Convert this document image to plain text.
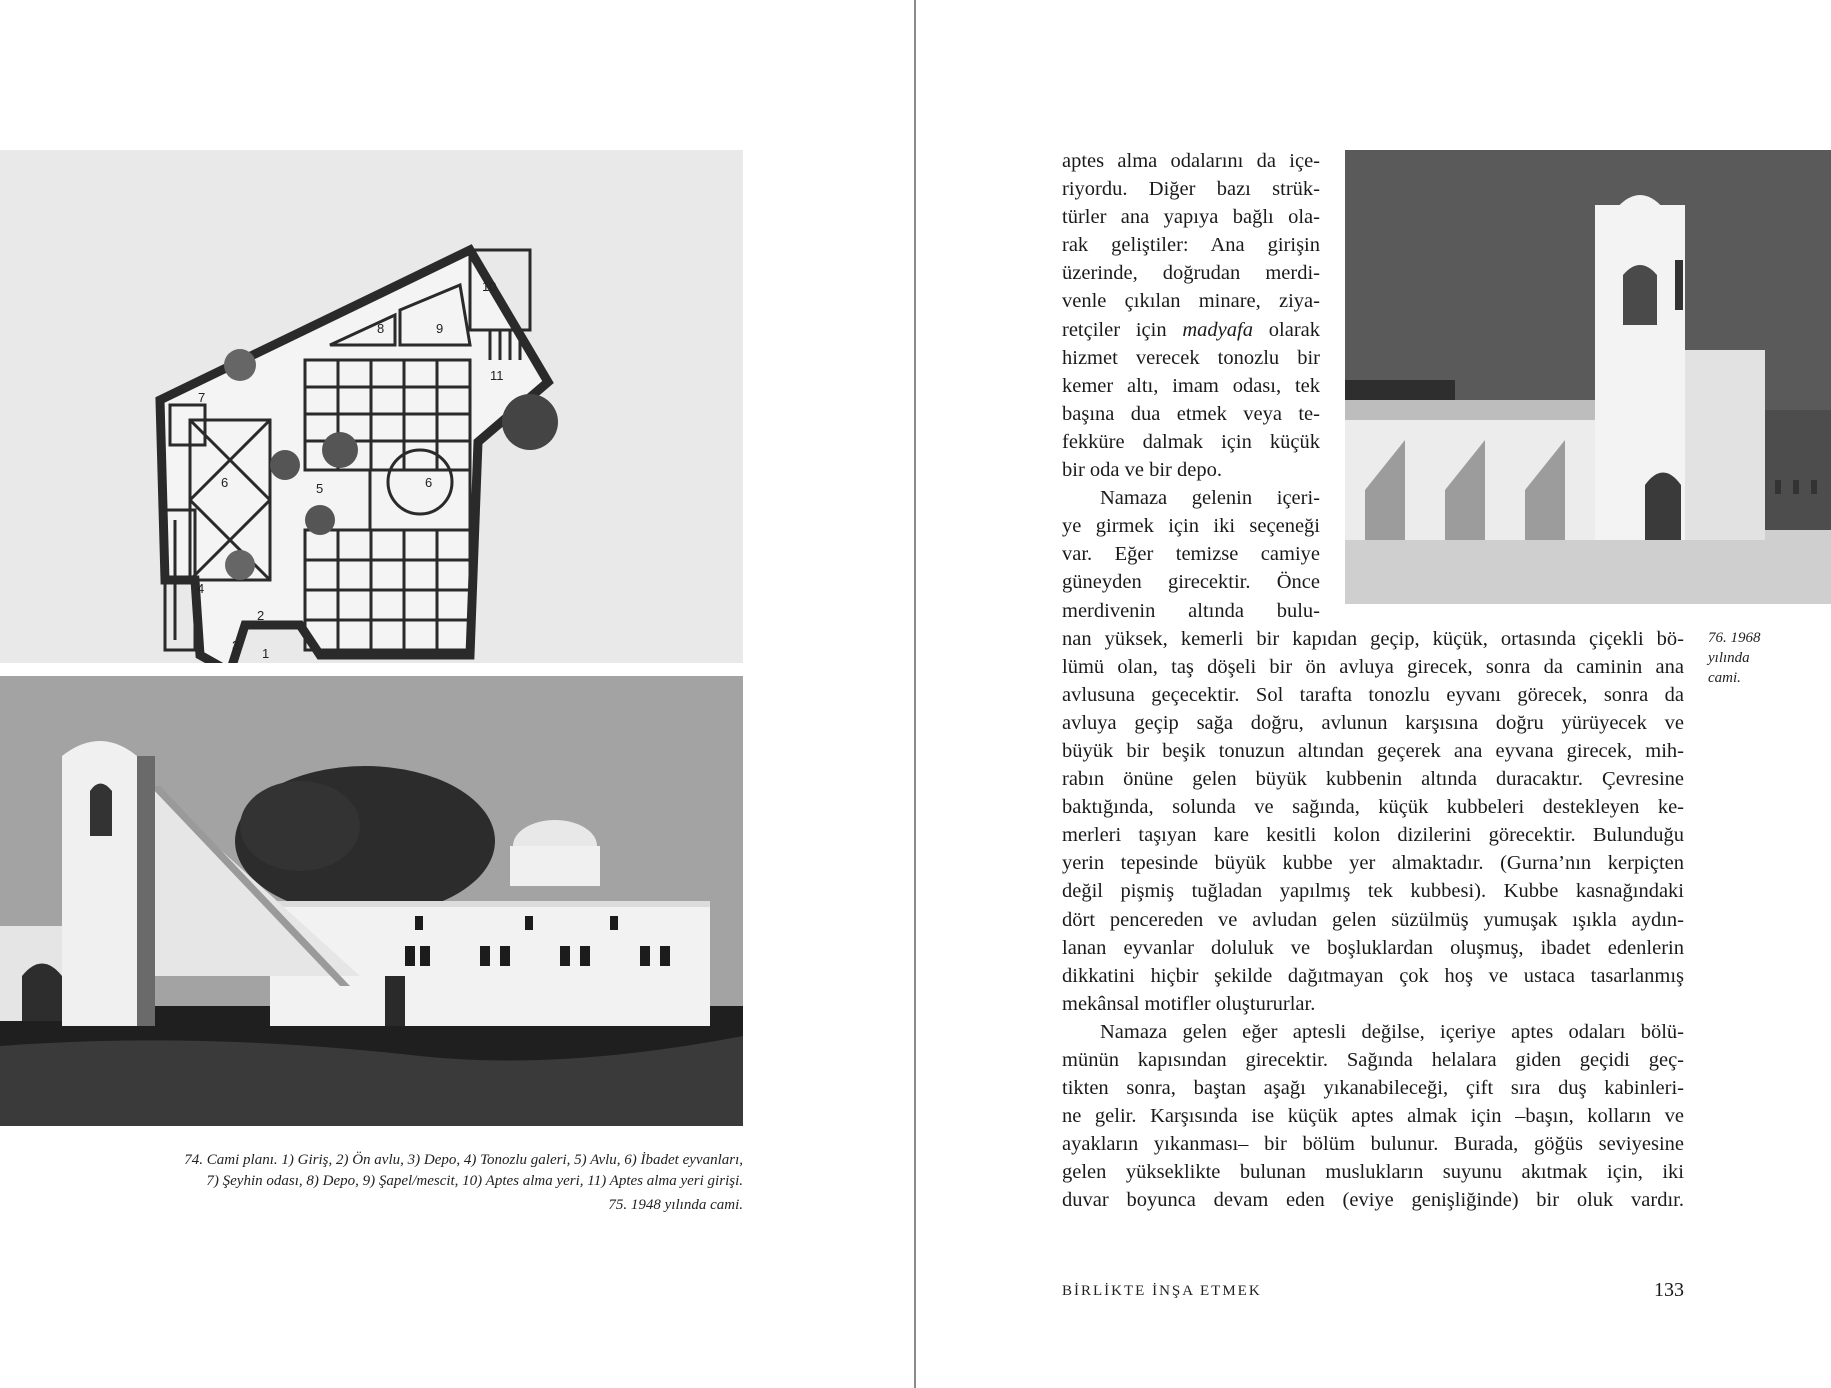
1
2
3
4
5
6	6
7
8	9
10
11

74. Cami planı. 1) Giriş, 2) Ön avlu, 3) Depo, 4) Tonozlu galeri, 5) Avlu, 6) İbadet eyvanları,

7) Şeyhin odası, 8) Depo, 9) Şapel/mescit, 10) Aptes alma yeri, 11) Aptes alma yeri girişi.

75. 1948 yılında cami.

76. 1968
yılında
cami.
aptes alma odalarını da içe-
riyordu. Diğer bazı strük-
türler ana yapıya bağlı ola-
rak geliştiler: Ana girişin
üzerinde, doğrudan merdi-
venle çıkılan minare, ziya-
retçiler için madyafa olarak
hizmet verecek tonozlu bir
kemer altı, imam odası, tek
başına dua etmek veya te-
fekküre dalmak için küçük
bir oda ve bir depo.
Namaza gelenin içeri-
ye girmek için iki seçeneği
var. Eğer temizse camiye
güneyden girecektir. Önce
merdivenin altında bulu-
nan yüksek, kemerli bir kapıdan geçip, küçük, ortasında çiçekli bö-
lümü olan, taş döşeli bir ön avluya girecek, sonra da caminin ana
avlusuna geçecektir. Sol tarafta tonozlu eyvanı görecek, sonra da
avluya geçip sağa doğru, avlunun karşısına doğru yürüyecek ve
büyük bir beşik tonuzun altından geçerek ana eyvana girecek, mih-
rabın önüne gelen büyük kubbenin altında duracaktır. Çevresine
baktığında, solunda ve sağında, küçük kubbeleri destekleyen ke-
merleri taşıyan kare kesitli kolon dizilerini görecektir. Bulunduğu
yerin tepesinde büyük kubbe yer almaktadır. (Gurna’nın kerpiçten
değil pişmiş tuğladan yapılmış tek kubbesi). Kubbe kasnağındaki
dört pencereden ve avludan gelen süzülmüş yumuşak ışıkla aydın-
lanan eyvanlar doluluk ve boşluklardan oluşmuş, ibadet edenlerin
dikkatini hiçbir şekilde dağıtmayan çok hoş ve ustaca tasarlanmış
mekânsal motifler oluştururlar.
Namaza gelen eğer aptesli değilse, içeriye aptes odaları bölü-
münün kapısından girecektir. Sağında helalara giden geçidi geç-
tikten sonra, baştan aşağı yıkanabileceği, çift sıra duş kabinleri-
ne gelir. Karşısında ise küçük aptes almak için –başın, kolların ve
ayakların yıkanması– bir bölüm bulunur. Burada, göğüs seviyesine
gelen yükseklikte bulunan muslukların suyunu akıtmak için, iki
duvar boyunca devam eden (eviye genişliğinde) bir oluk vardır.
BİRLİKTE İNŞA ETMEK	133
